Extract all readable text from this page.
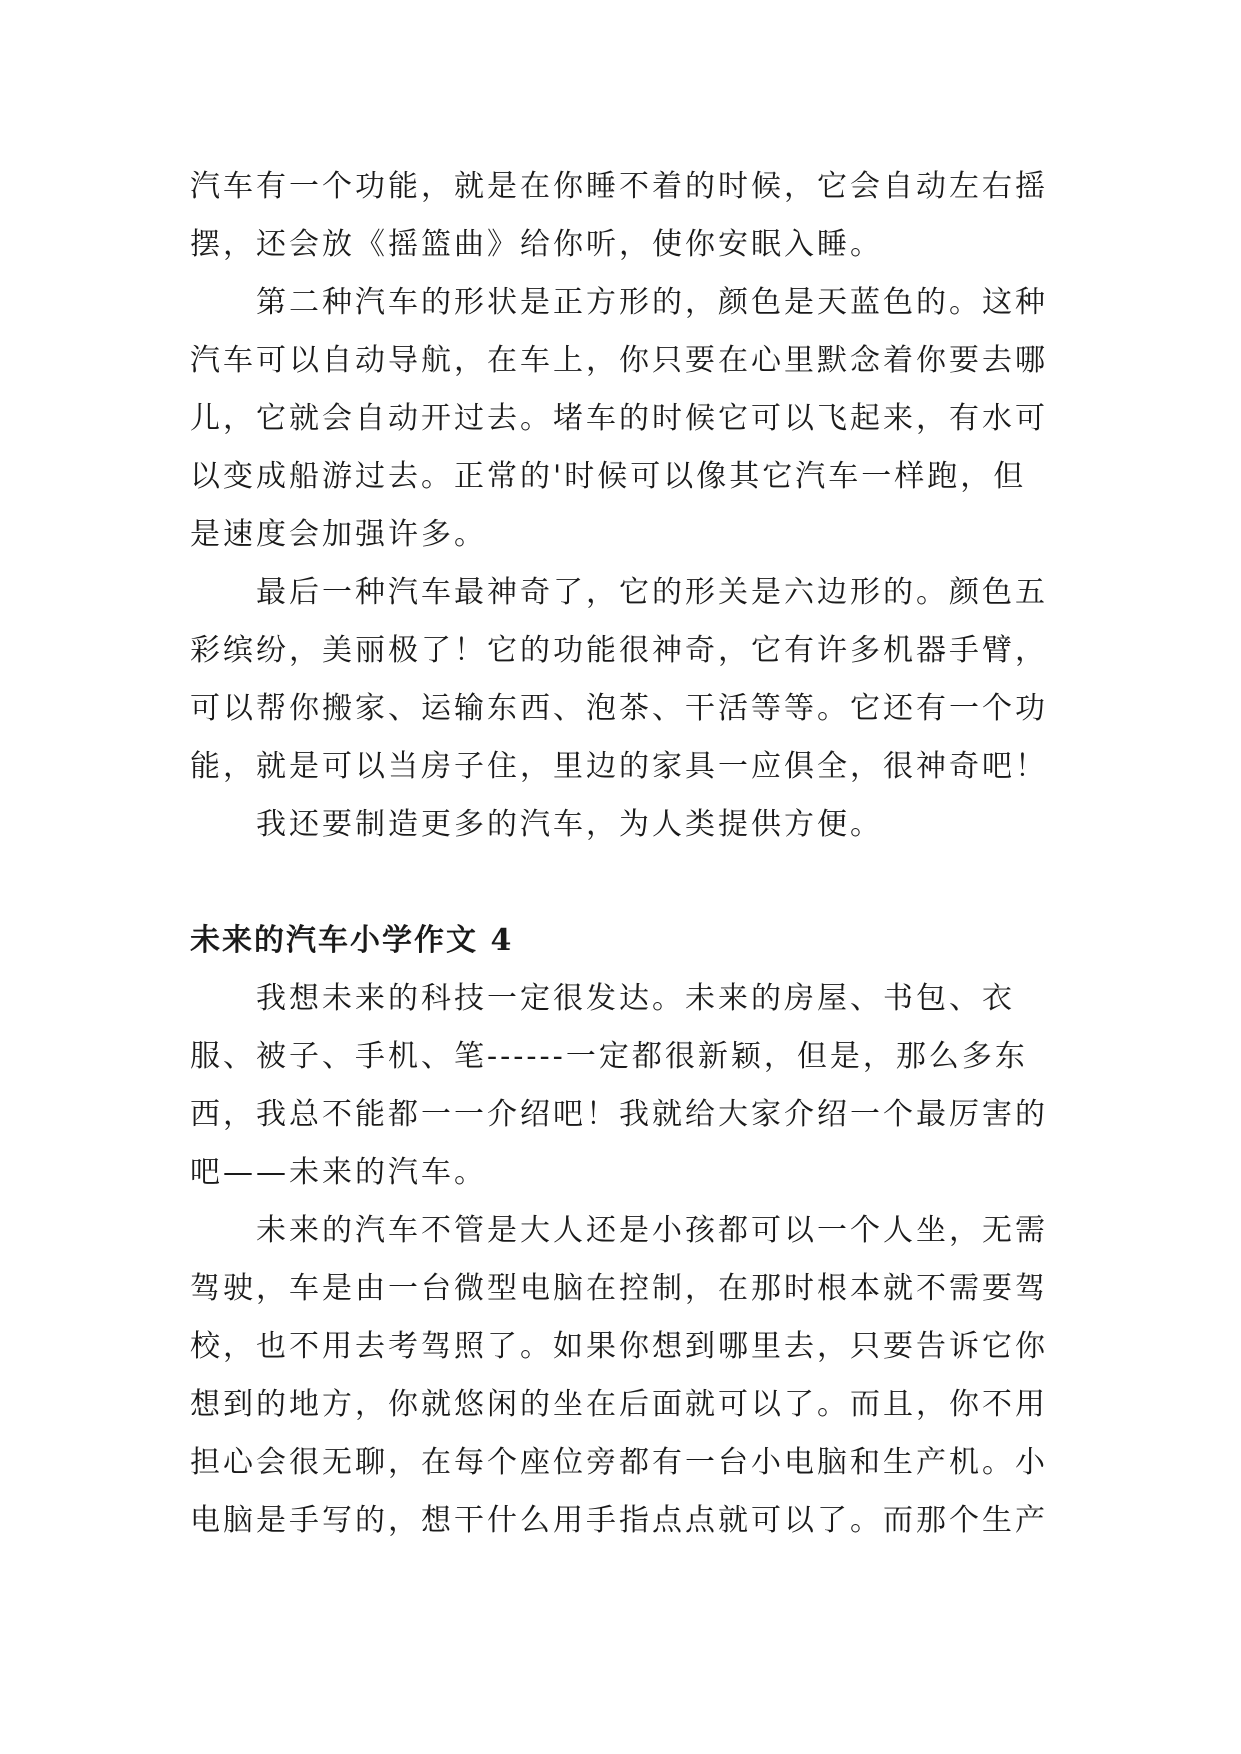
汽车有一个功能，就是在你睡不着的时候，它会自动左右摇摆，还会放《摇篮曲》给你听，使你安眠入睡。

第二种汽车的形状是正方形的，颜色是天蓝色的。这种汽车可以自动导航，在车上，你只要在心里默念着你要去哪儿，它就会自动开过去。堵车的时候它可以飞起来，有水可以变成船游过去。正常的'时候可以像其它汽车一样跑，但是速度会加强许多。

最后一种汽车最神奇了，它的形关是六边形的。颜色五彩缤纷，美丽极了！它的功能很神奇，它有许多机器手臂，可以帮你搬家、运输东西、泡茶、干活等等。它还有一个功能，就是可以当房子住，里边的家具一应俱全，很神奇吧！

我还要制造更多的汽车，为人类提供方便。

未来的汽车小学作文 4

我想未来的科技一定很发达。未来的房屋、书包、衣服、被子、手机、笔------一定都很新颖，但是，那么多东西，我总不能都一一介绍吧！我就给大家介绍一个最厉害的吧——未来的汽车。

未来的汽车不管是大人还是小孩都可以一个人坐，无需驾驶，车是由一台微型电脑在控制，在那时根本就不需要驾校，也不用去考驾照了。如果你想到哪里去，只要告诉它你想到的地方，你就悠闲的坐在后面就可以了。而且，你不用担心会很无聊，在每个座位旁都有一台小电脑和生产机。小电脑是手写的，想干什么用手指点点就可以了。而那个生产
